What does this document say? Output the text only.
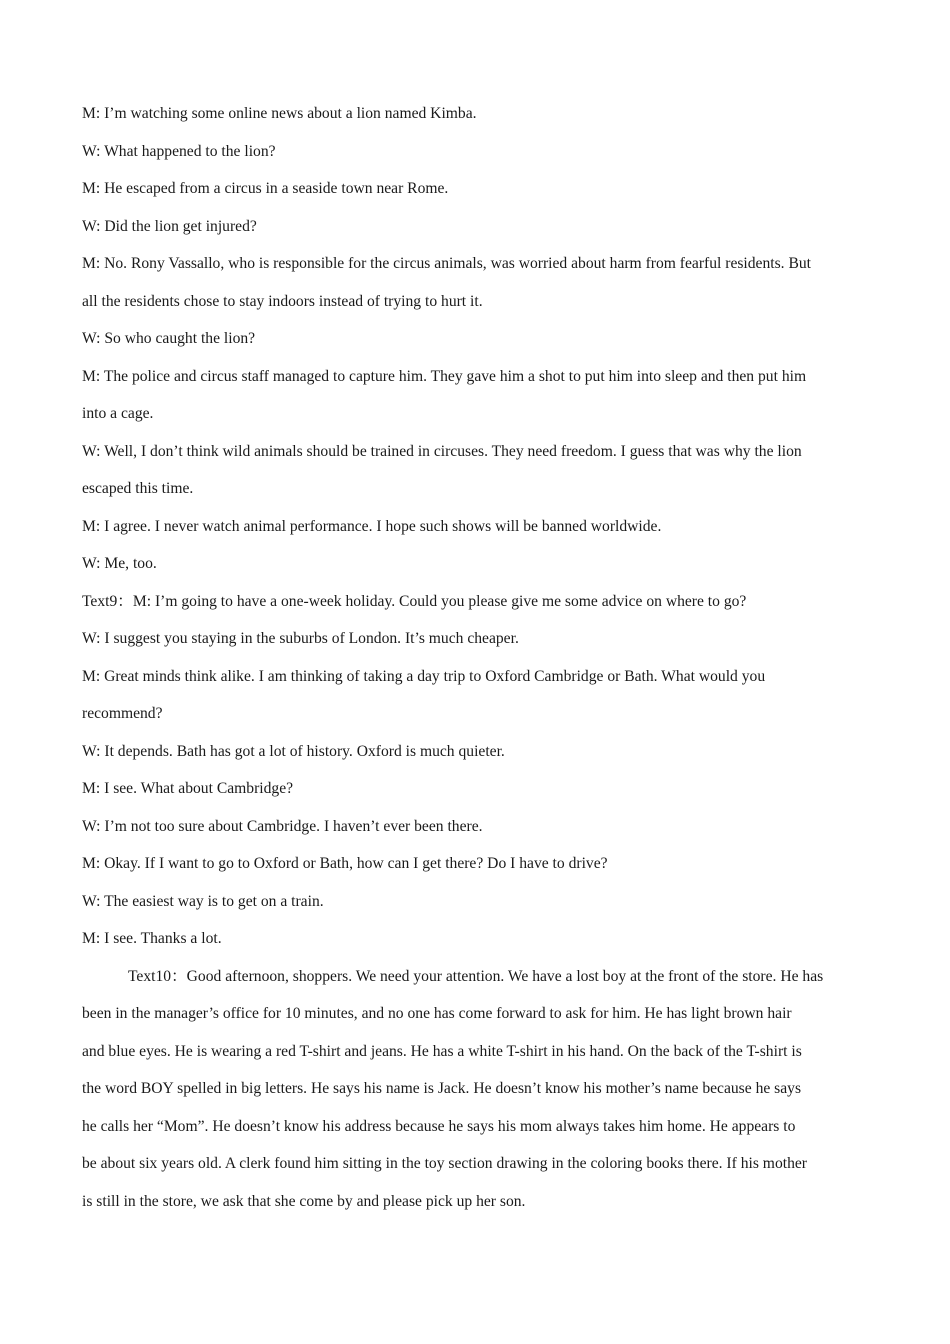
M: I’m watching some online news about a lion named Kimba.
W: What happened to the lion?
M: He escaped from a circus in a seaside town near Rome.
W: Did the lion get injured?
M: No. Rony Vassallo, who is responsible for the circus animals, was worried about harm from fearful residents. But
all the residents chose to stay indoors instead of trying to hurt it.
W: So who caught the lion?
M: The police and circus staff managed to capture him. They gave him a shot to put him into sleep and then put him
into a cage.
W: Well, I don’t think wild animals should be trained in circuses. They need freedom. I guess that was why the lion
escaped this time.
M: I agree. I never watch animal performance. I hope such shows will be banned worldwide.
W: Me, too.
Text9：M: I’m going to have a one-week holiday. Could you please give me some advice on where to go?
W: I suggest you staying in the suburbs of London. It’s much cheaper.
M: Great minds think alike. I am thinking of taking a day trip to Oxford Cambridge or Bath. What would you
recommend?
W: It depends. Bath has got a lot of history. Oxford is much quieter.
M: I see. What about Cambridge?
W: I’m not too sure about Cambridge. I haven’t ever been there.
M: Okay. If I want to go to Oxford or Bath, how can I get there? Do I have to drive?
W: The easiest way is to get on a train.
M: I see. Thanks a lot.
Text10：Good afternoon, shoppers. We need your attention. We have a lost boy at the front of the store. He has
been in the manager’s office for 10 minutes, and no one has come forward to ask for him. He has light brown hair
and blue eyes. He is wearing a red T-shirt and jeans. He has a white T-shirt in his hand. On the back of the T-shirt is
the word BOY spelled in big letters. He says his name is Jack. He doesn’t know his mother’s name because he says
he calls her “Mom”. He doesn’t know his address because he says his mom always takes him home. He appears to
be about six years old. A clerk found him sitting in the toy section drawing in the coloring books there. If his mother
is still in the store, we ask that she come by and please pick up her son.
